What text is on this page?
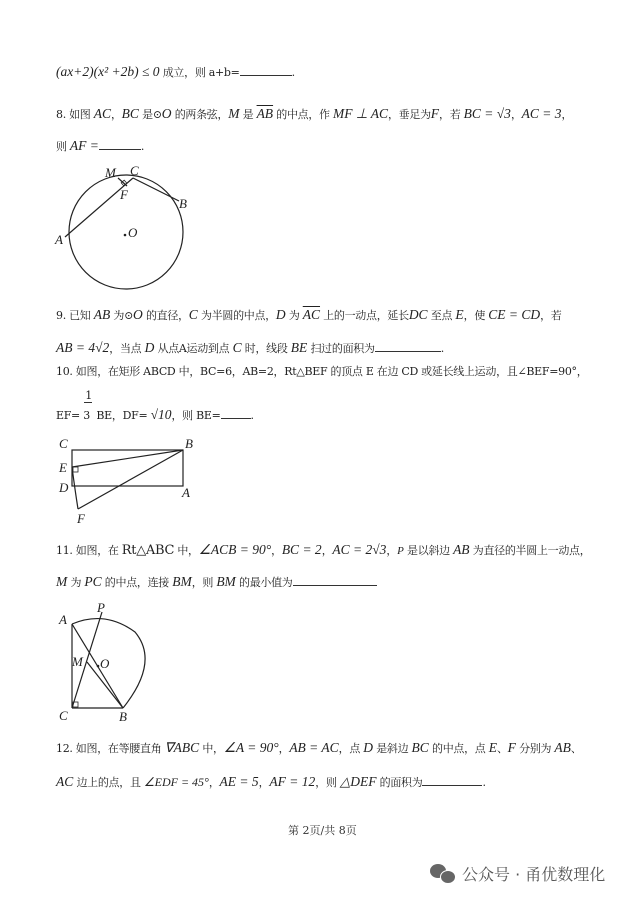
(ax+2)(x² +2b) ≤ 0 成立，则 a+b=	.
8. 如图 AC，BC 是⊙O 的两条弦，M 是 $\overline{AB}$ 的中点，作 MF ⊥ AC，垂足为F，若 BC = √3，AC = 3，
则 AF =	.
M C
F
B
A	O
9. 已知 AB 为⊙O 的直径，C 为半圆的中点，D 为 $\overline{AC}$ 上的一动点，延长DC 至点 E，使 CE = CD，若
AB = 4√2，当点 D 从点A运动到点 C 时，线段 BE 扫过的面积为	.
10. 如图，在矩形 ABCD 中，BC=6，AB=2，Rt△BEF 的顶点 E 在边 CD 或延长线上运动，且∠BEF=90°，
$EF= \frac{1}{3}$ BE，DF= √10，则 BE=	.
C	B
E
D	A
F
11. 如图，在 Rt△ABC 中，∠ACB = 90°，BC = 2，AC = 2√3，P 是以斜边 AB 为直径的半圆上一动点，
M 为 PC 的中点，连接 BM，则 BM 的最小值为
A
P
M O
C	B
12. 如图，在等腰直角 ∇ABC 中，∠A = 90°，AB = AC，点 D 是斜边 BC 的中点，点 E、F 分别为 AB、
AC 边上的点，且 ∠EDF = 45°，AE = 5，AF = 12，则 △DEF 的面积为	.
第 2页/共 8页
公众号 · 甬优数理化
